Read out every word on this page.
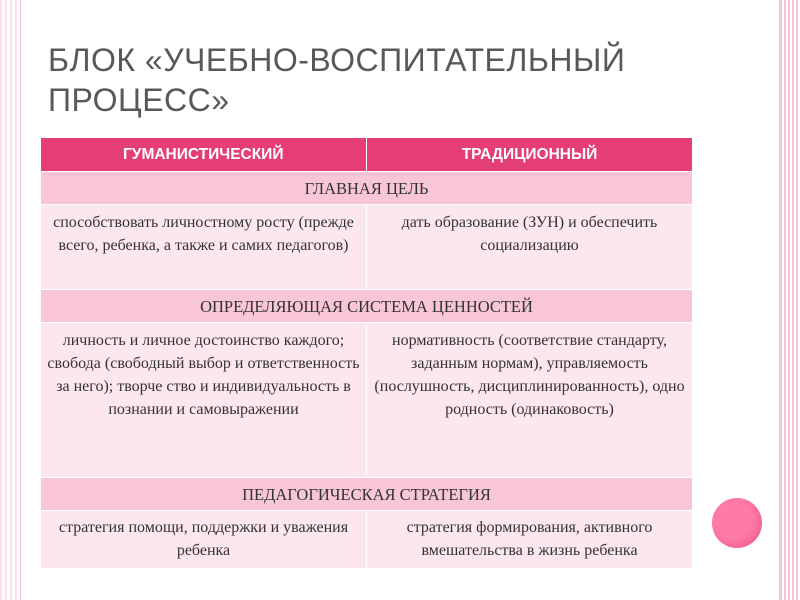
БЛОК «УЧЕБНО-ВОСПИТАТЕЛЬНЫЙ
ПРОЦЕСС»
ГУМАНИСТИЧЕСКИЙ	ТРАДИЦИОННЫЙ
ГЛАВНАЯ ЦЕЛЬ	
способствовать личностному росту (прежде всего, ребенка, а также и самих педагогов)	дать образование (ЗУН) и обеспечить социализацию
ОПРЕДЕЛЯЮЩАЯ СИСТЕМА ЦЕННОСТЕЙ	
личность и личное достоинство каждого; свобода (свободный выбор и ответственность за него); творче ство и индивидуальность в познании и самовыражении	нормативность (соответствие стандарту, заданным нормам), управляемость (послушность, дисциплинированность), одно родность (одинаковость)
ПЕДАГОГИЧЕСКАЯ СТРАТЕГИЯ	
стратегия помощи, поддержки и уважения ребенка	стратегия формирования, активного вмешательства в жизнь ребенка
